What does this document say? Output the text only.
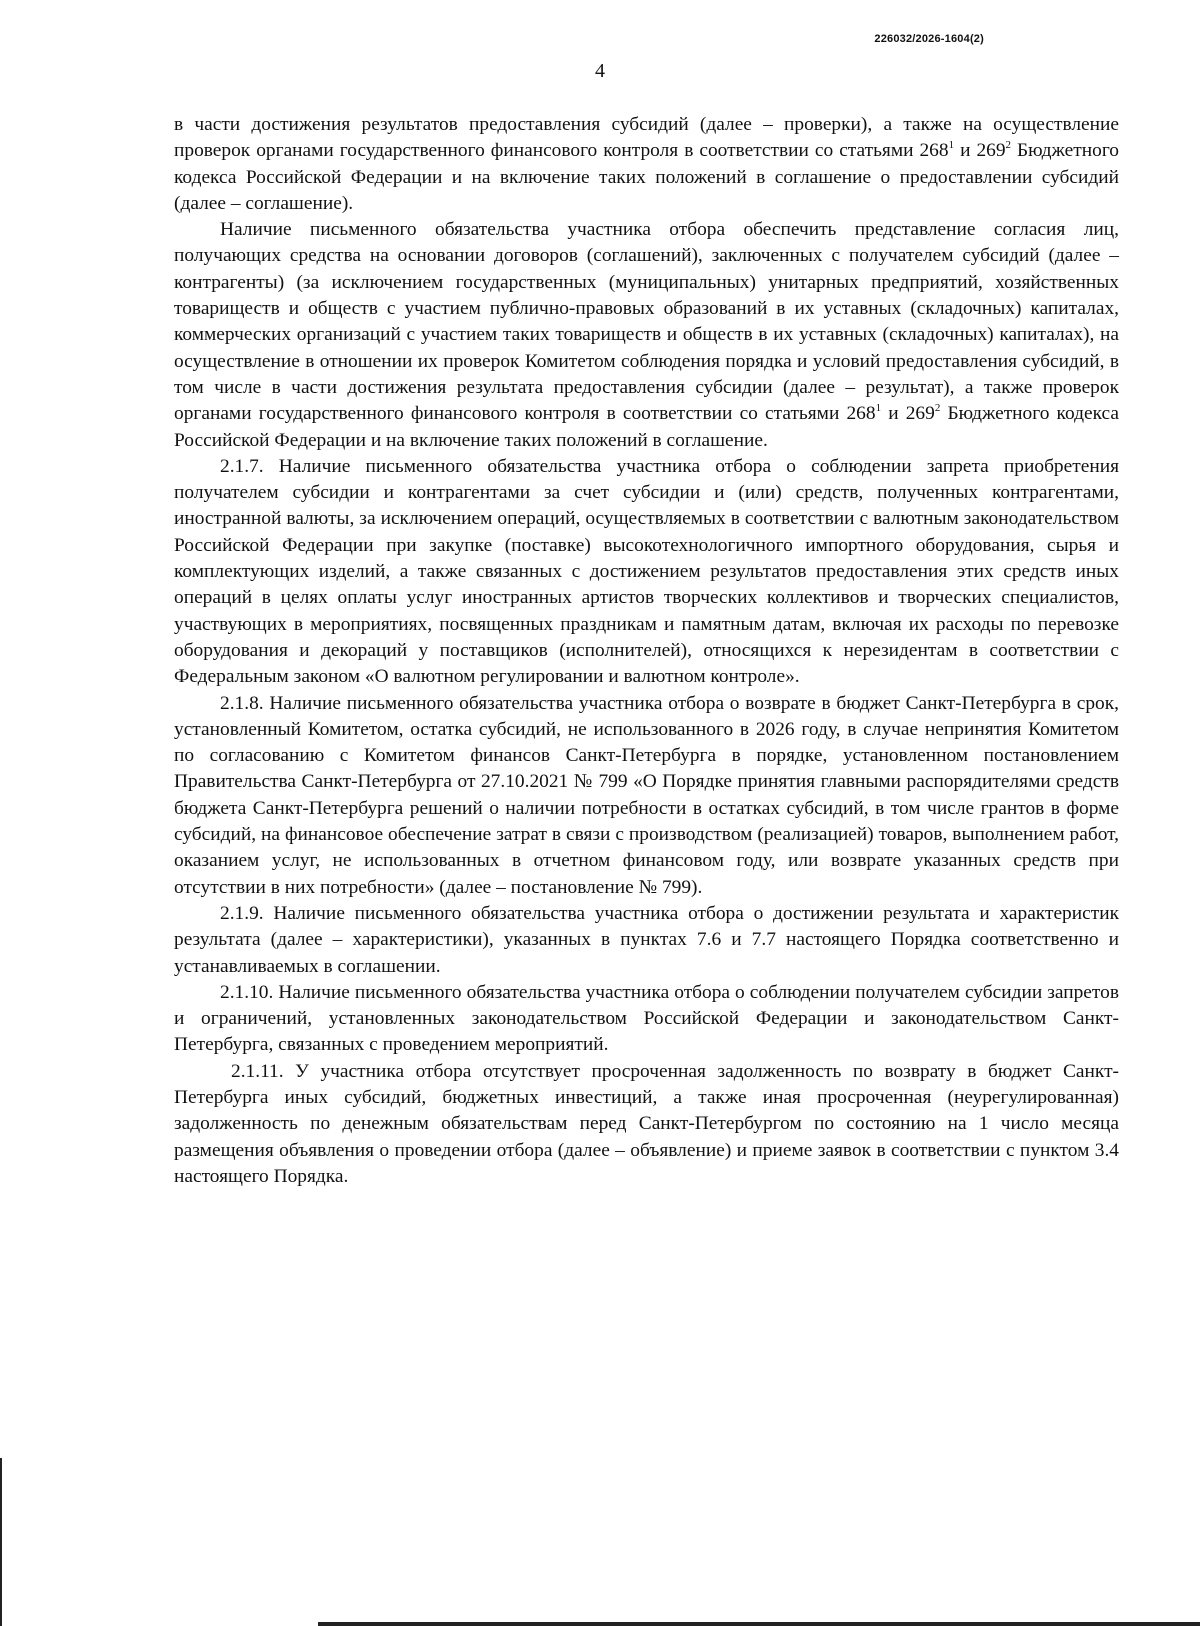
226032/2026-1604(2)
4

в части достижения результатов предоставления субсидий (далее – проверки), а также на осуществление проверок органами государственного финансового контроля в соответствии со статьями $268^1$ и $269^2$ Бюджетного кодекса Российской Федерации и на включение таких положений в соглашение о предоставлении субсидий (далее – соглашение).

Наличие письменного обязательства участника отбора обеспечить представление согласия лиц, получающих средства на основании договоров (соглашений), заключенных с получателем субсидий (далее – контрагенты) (за исключением государственных (муниципальных) унитарных предприятий, хозяйственных товариществ и обществ с участием публично-правовых образований в их уставных (складочных) капиталах, коммерческих организаций с участием таких товариществ и обществ в их уставных (складочных) капиталах), на осуществление в отношении их проверок Комитетом соблюдения порядка и условий предоставления субсидий, в том числе в части достижения результата предоставления субсидии (далее – результат), а также проверок органами государственного финансового контроля в соответствии со статьями $268^1$ и $269^2$ Бюджетного кодекса Российской Федерации и на включение таких положений в соглашение.

2.1.7. Наличие письменного обязательства участника отбора о соблюдении запрета приобретения получателем субсидии и контрагентами за счет субсидии и (или) средств, полученных контрагентами, иностранной валюты, за исключением операций, осуществляемых в соответствии с валютным законодательством Российской Федерации при закупке (поставке) высокотехнологичного импортного оборудования, сырья и комплектующих изделий, а также связанных с достижением результатов предоставления этих средств иных операций в целях оплаты услуг иностранных артистов творческих коллективов и творческих специалистов, участвующих в мероприятиях, посвященных праздникам и памятным датам, включая их расходы по перевозке оборудования и декораций у поставщиков (исполнителей), относящихся к нерезидентам в соответствии с Федеральным законом «О валютном регулировании и валютном контроле».

2.1.8. Наличие письменного обязательства участника отбора о возврате в бюджет Санкт-Петербурга в срок, установленный Комитетом, остатка субсидий, не использованного в 2026 году, в случае непринятия Комитетом по согласованию с Комитетом финансов Санкт-Петербурга в порядке, установленном постановлением Правительства Санкт-Петербурга от 27.10.2021 № 799 «О Порядке принятия главными распорядителями средств бюджета Санкт-Петербурга решений о наличии потребности в остатках субсидий, в том числе грантов в форме субсидий, на финансовое обеспечение затрат в связи с производством (реализацией) товаров, выполнением работ, оказанием услуг, не использованных в отчетном финансовом году, или возврате указанных средств при отсутствии в них потребности» (далее – постановление № 799).

2.1.9. Наличие письменного обязательства участника отбора о достижении результата и характеристик результата (далее – характеристики), указанных в пунктах 7.6 и 7.7 настоящего Порядка соответственно и устанавливаемых в соглашении.

2.1.10. Наличие письменного обязательства участника отбора о соблюдении получателем субсидии запретов и ограничений, установленных законодательством Российской Федерации и законодательством Санкт-Петербурга, связанных с проведением мероприятий.

2.1.11. У участника отбора отсутствует просроченная задолженность по возврату в бюджет Санкт-Петербурга иных субсидий, бюджетных инвестиций, а также иная просроченная (неурегулированная) задолженность по денежным обязательствам перед Санкт-Петербургом по состоянию на 1 число месяца размещения объявления о проведении отбора (далее – объявление) и приеме заявок в соответствии с пунктом 3.4 настоящего Порядка.
